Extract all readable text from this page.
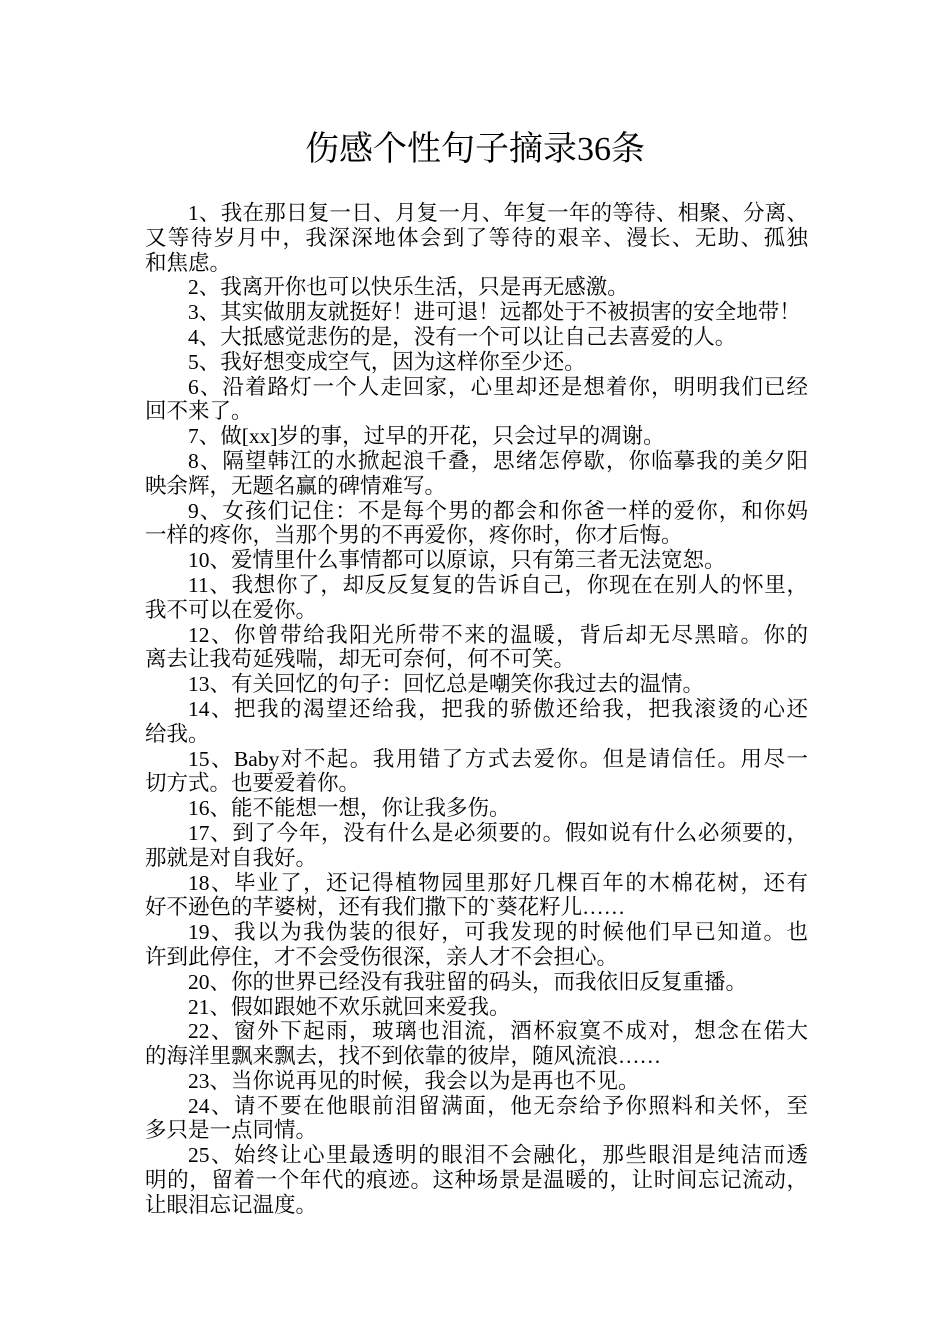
伤感个性句子摘录36条
1、我在那日复一日、月复一月、年复一年的等待、相聚、分离、
又等待岁月中，我深深地体会到了等待的艰辛、漫长、无助、孤独
和焦虑。
2、我离开你也可以快乐生活，只是再无感激。
3、其实做朋友就挺好！进可退！远都处于不被损害的安全地带！
4、大抵感觉悲伤的是，没有一个可以让自己去喜爱的人。
5、我好想变成空气，因为这样你至少还。
6、沿着路灯一个人走回家，心里却还是想着你，明明我们已经
回不来了。
7、做[xx]岁的事，过早的开花，只会过早的凋谢。
8、隔望韩江的水掀起浪千叠，思绪怎停歇，你临摹我的美夕阳
映余辉，无题名赢的碑情难写。
9、女孩们记住：不是每个男的都会和你爸一样的爱你，和你妈
一样的疼你，当那个男的不再爱你，疼你时，你才后悔。
10、爱情里什么事情都可以原谅，只有第三者无法宽恕。
11、我想你了，却反反复复的告诉自己，你现在在别人的怀里，
我不可以在爱你。
12、你曾带给我阳光所带不来的温暖，背后却无尽黑暗。你的
离去让我苟延残喘，却无可奈何，何不可笑。
13、有关回忆的句子：回忆总是嘲笑你我过去的温情。
14、把我的渴望还给我，把我的骄傲还给我，把我滚烫的心还
给我。
15、Baby对不起。我用错了方式去爱你。但是请信任。用尽一
切方式。也要爱着你。
16、能不能想一想，你让我多伤。
17、到了今年，没有什么是必须要的。假如说有什么必须要的，
那就是对自我好。
18、毕业了，还记得植物园里那好几棵百年的木棉花树，还有
好不逊色的芊婆树，还有我们撒下的`葵花籽儿……
19、我以为我伪装的很好，可我发现的时候他们早已知道。也
许到此停住，才不会受伤很深，亲人才不会担心。
20、你的世界已经没有我驻留的码头，而我依旧反复重播。
21、假如跟她不欢乐就回来爱我。
22、窗外下起雨，玻璃也泪流，酒杯寂寞不成对，想念在偌大
的海洋里飘来飘去，找不到依靠的彼岸，随风流浪……
23、当你说再见的时候，我会以为是再也不见。
24、请不要在他眼前泪留满面，他无奈给予你照料和关怀，至
多只是一点同情。
25、始终让心里最透明的眼泪不会融化，那些眼泪是纯洁而透
明的，留着一个年代的痕迹。这种场景是温暖的，让时间忘记流动，
让眼泪忘记温度。
